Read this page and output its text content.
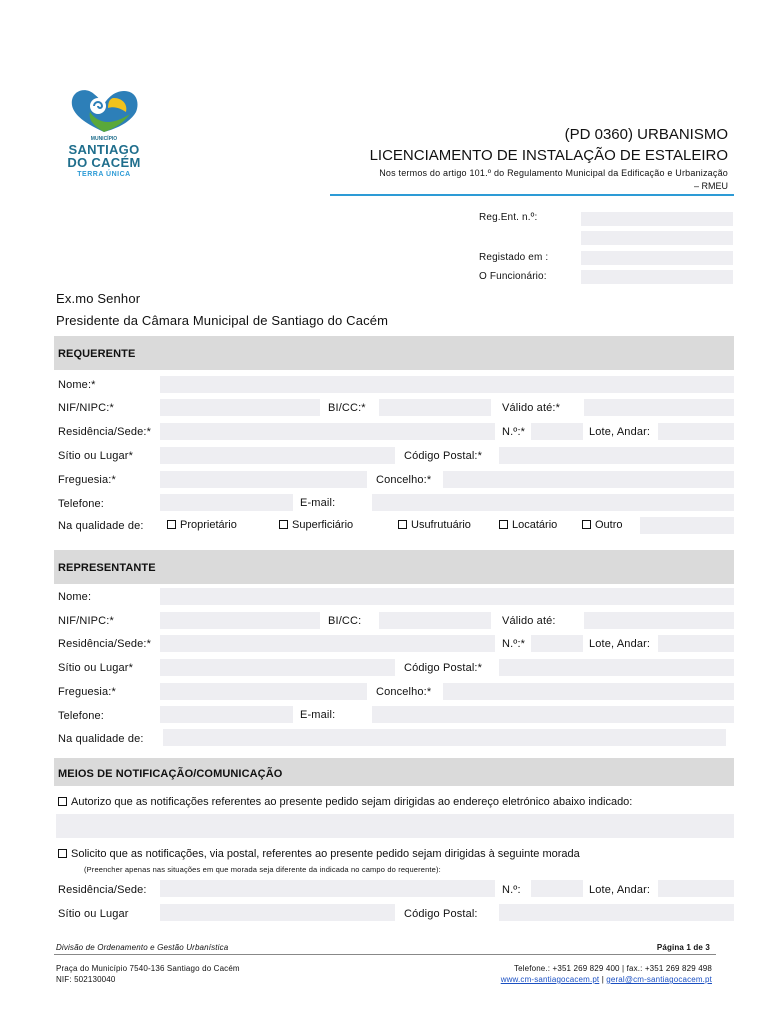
MUNICÍPIO
SANTIAGO
DO CACÉM
TERRA ÚNICA
(PD 0360) URBANISMO
LICENCIAMENTO DE INSTALAÇÃO DE ESTALEIRO
Nos termos do artigo 101.º do Regulamento Municipal da Edificação e Urbanização
– RMEU
Reg.Ent. n.º:
Registado em :
O Funcionário:
Ex.mo Senhor
Presidente da Câmara Municipal de Santiago do Cacém
REQUERENTE
Nome:*
NIF/NIPC:*	BI/CC:*	Válido até:*
Residência/Sede:*	N.º:*	Lote, Andar:
Sítio ou Lugar*	Código Postal:*
Freguesia:*	Concelho:*
Telefone:	E-mail:
Na qualidade de:	Proprietário	Superficiário	Usufrutuário	Locatário	Outro
REPRESENTANTE
Nome:
NIF/NIPC:*	BI/CC:	Válido até:
Residência/Sede:*	N.º:*	Lote, Andar:
Sítio ou Lugar*	Código Postal:*
Freguesia:*	Concelho:*
Telefone:	E-mail:
Na qualidade de:
MEIOS DE NOTIFICAÇÃO/COMUNICAÇÃO
Autorizo que as notificações referentes ao presente pedido sejam dirigidas ao endereço eletrónico abaixo indicado:
Solicito que as notificações, via postal, referentes ao presente pedido sejam dirigidas à seguinte morada
(Preencher apenas nas situações em que morada seja diferente da indicada no campo do requerente):
Residência/Sede:	N.º:	Lote, Andar:
Sítio ou Lugar	Código Postal:
Divisão de Ordenamento e Gestão Urbanística	Página 1 de 3
Praça do Município 7540-136 Santiago do Cacém
NIF: 502130040
Telefone.: +351 269 829 400 | fax.: +351 269 829 498
www.cm-santiagocacem.pt | geral@cm-santiagocacem.pt
